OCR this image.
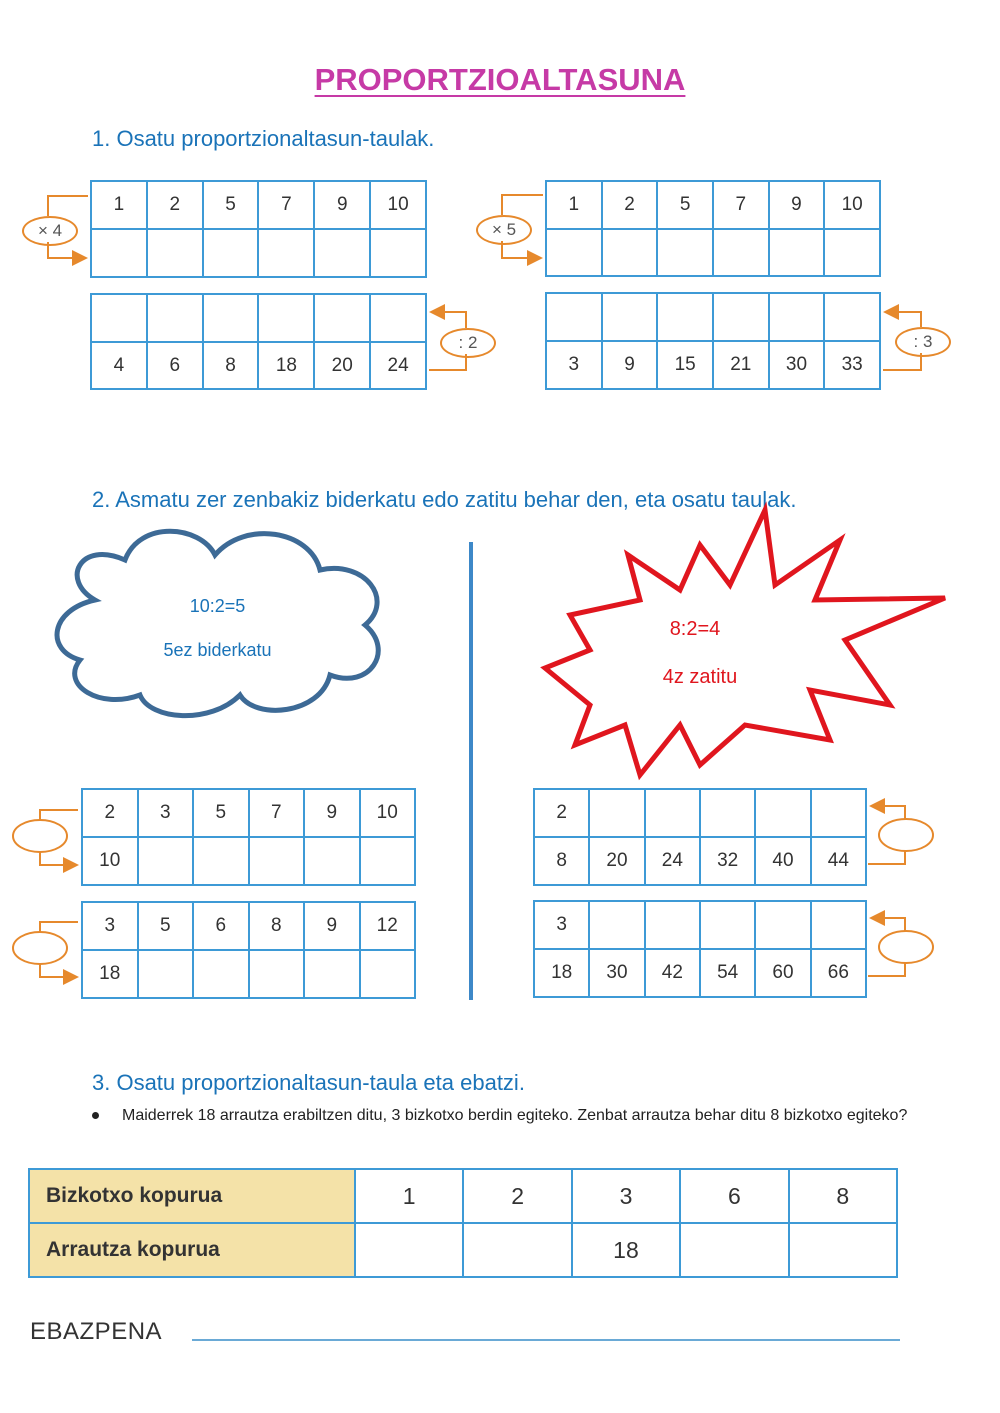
PROPORTZIOALTASUNA
1. Osatu proportzionaltasun-taulak.
1	2	5	7	9	10

× 4
1	2	5	7	9	10

× 5

4	6	8	18	20	24
: 2

3	9	15	21	30	33
: 3
2. Asmatu zer zenbakiz biderkatu edo zatitu behar den, eta osatu taulak.
10:2=5
5ez biderkatu
8:2=4
4z zatitu
2	3	5	7	9	10
10					
3	5	6	8	9	12
18					
2					
8	20	24	32	40	44
3					
18	30	42	54	60	66
3. Osatu proportzionaltasun-taula eta ebatzi.
Maiderrek 18 arrautza erabiltzen ditu, 3 bizkotxo berdin egiteko. Zenbat arrautza behar ditu 8 bizkotxo egiteko?
Bizkotxo kopurua	1	2	3	6	8
Arrautza kopurua			18		
EBAZPENA
